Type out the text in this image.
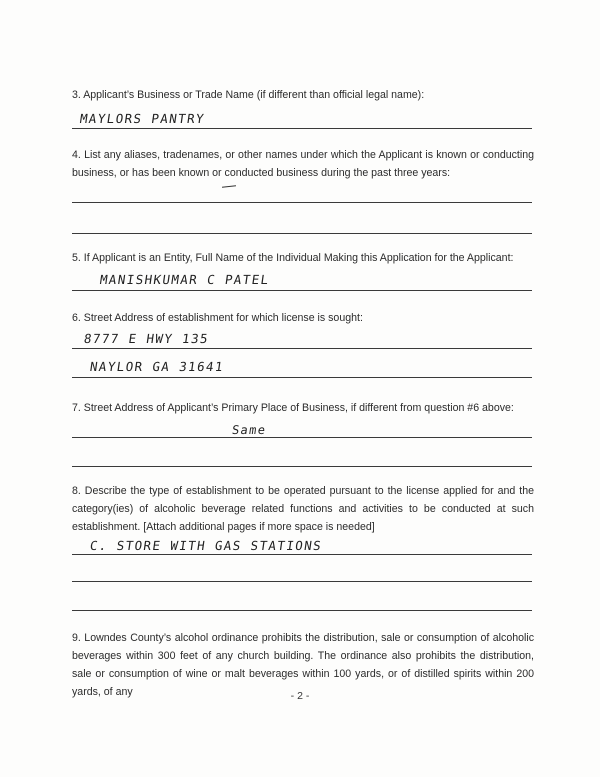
3. Applicant’s Business or Trade Name (if different than official legal name):
MAYLORS PANTRY
4. List any aliases, tradenames, or other names under which the Applicant is known or conducting business, or has been known or conducted business during the past three years:
5. If Applicant is an Entity, Full Name of the Individual Making this Application for the Applicant:
MANISHKUMAR C PATEL
6. Street Address of establishment for which license is sought:
8777 E HWY 135
NAYLOR GA 31641
7. Street Address of Applicant’s Primary Place of Business, if different from question #6 above:
Same
8. Describe the type of establishment to be operated pursuant to the license applied for and the category(ies) of alcoholic beverage related functions and activities to be conducted at such establishment. [Attach additional pages if more space is needed]
C. STORE WITH GAS STATIONS
9. Lowndes County’s alcohol ordinance prohibits the distribution, sale or consumption of alcoholic beverages within 300 feet of any church building. The ordinance also prohibits the distribution, sale or consumption of wine or malt beverages within 100 yards, or of distilled spirits within 200 yards, of any	- 2 -
